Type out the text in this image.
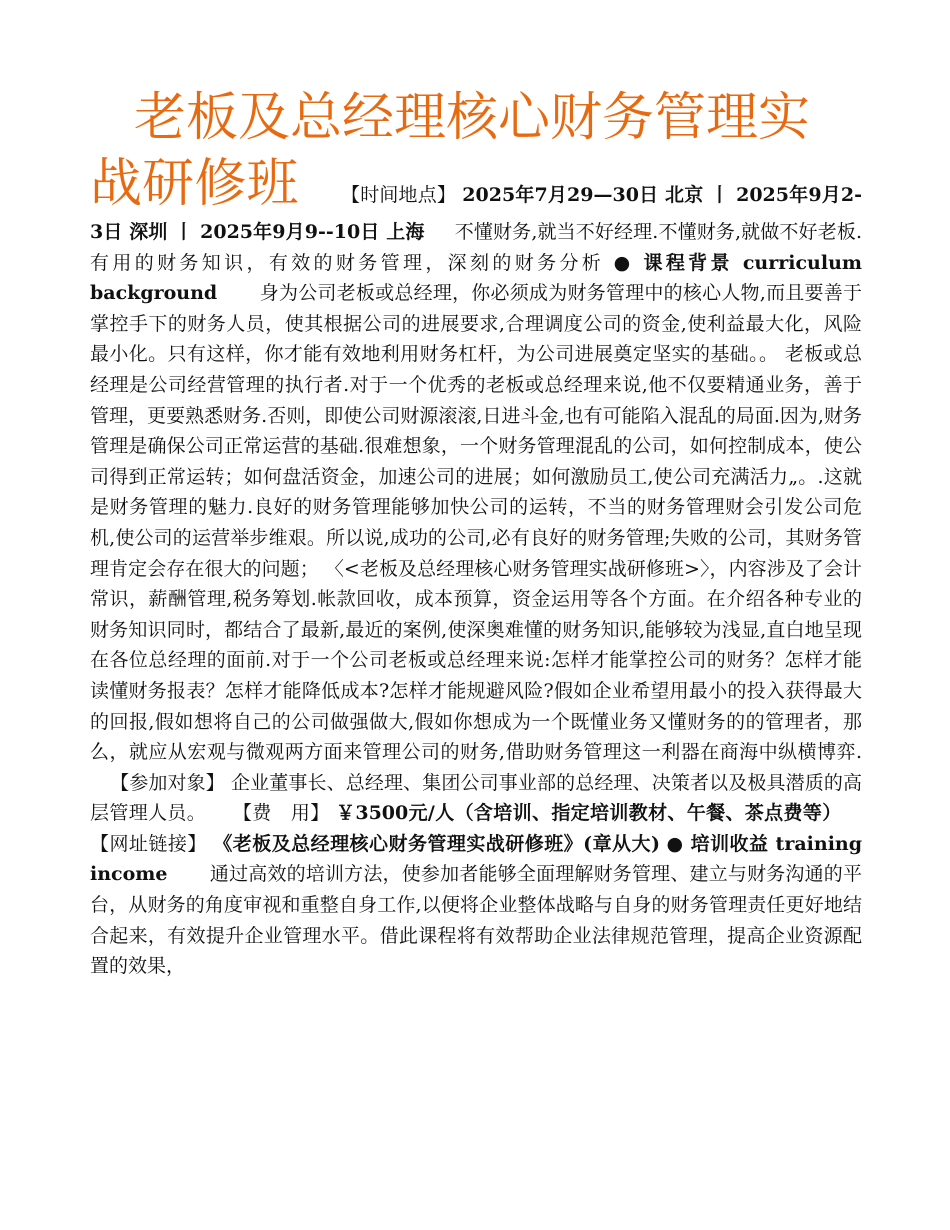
老板及总经理核心财务管理实
战研修班 【时间地点】 2025年7月29—30日 北京 丨 2025年9月2-3日 深圳 丨 2025年9月9--10日 上海 不懂财务,就当不好经理.不懂财务,就做不好老板. 有用的财务知识，有效的财务管理，深刻的财务分析 ● 课程背景 curriculum background 身为公司老板或总经理，你必须成为财务管理中的核心人物,而且要善于掌控手下的财务人员，使其根据公司的进展要求,合理调度公司的资金,使利益最大化，风险最小化。只有这样，你才能有效地利用财务杠杆，为公司进展奠定坚实的基础。。 老板或总经理是公司经营管理的执行者.对于一个优秀的老板或总经理来说,他不仅要精通业务，善于管理，更要熟悉财务.否则，即使公司财源滚滚,日进斗金,也有可能陷入混乱的局面.因为,财务管理是确保公司正常运营的基础.很难想象，一个财务管理混乱的公司，如何控制成本，使公司得到正常运转；如何盘活资金，加速公司的进展；如何激励员工,使公司充满活力„。.这就是财务管理的魅力.良好的财务管理能够加快公司的运转，不当的财务管理财会引发公司危机,使公司的运营举步维艰。所以说,成功的公司,必有良好的财务管理;失败的公司，其财务管理肯定会存在很大的问题； 〈<老板及总经理核心财务管理实战研修班>〉，内容涉及了会计常识，薪酬管理,税务筹划.帐款回收，成本预算，资金运用等各个方面。在介绍各种专业的财务知识同时，都结合了最新,最近的案例,使深奥难懂的财务知识,能够较为浅显,直白地呈现在各位总经理的面前.对于一个公司老板或总经理来说:怎样才能掌控公司的财务？怎样才能读懂财务报表？怎样才能降低成本?怎样才能规避风险?假如企业希望用最小的投入获得最大的回报,假如想将自己的公司做强做大,假如你想成为一个既懂业务又懂财务的的管理者，那么，就应从宏观与微观两方面来管理公司的财务,借助财务管理这一利器在商海中纵横博弈. 【参加对象】 企业董事长、总经理、集团公司事业部的总经理、决策者以及极具潜质的高层管理人员。 【费　用】 ￥3500元/人（含培训、指定培训教材、午餐、茶点费等） 【网址链接】 《老板及总经理核心财务管理实战研修班》(章从大) ● 培训收益 training income 通过高效的培训方法，使参加者能够全面理解财务管理、建立与财务沟通的平台，从财务的角度审视和重整自身工作,以便将企业整体战略与自身的财务管理责任更好地结合起来，有效提升企业管理水平。借此课程将有效帮助企业法律规范管理，提高企业资源配置的效果，
